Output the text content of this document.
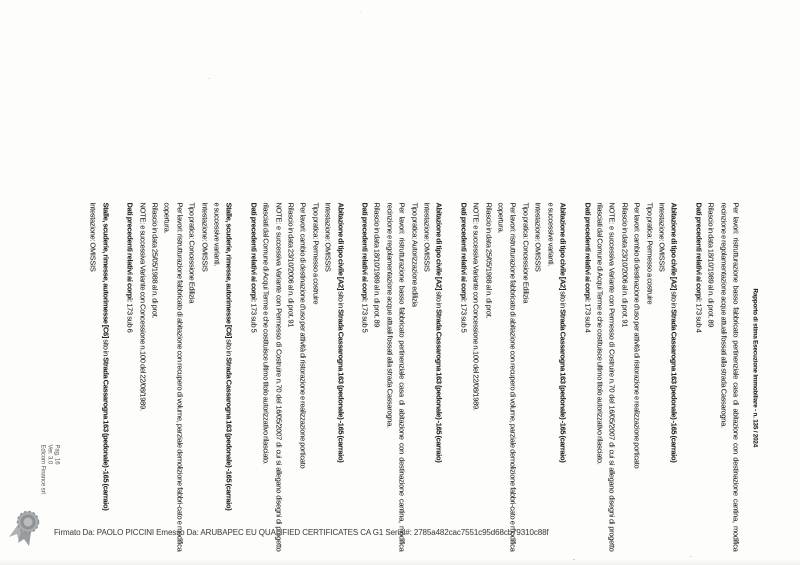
Rapporto di stima Esecuzione Immobiliare - n. 135 / 2024
Per lavori: ristrutturazione basso fabbricato pertinenziale casa di abitazione con destinazione cantina, modifica recinzione e regolamentazione acque attuali fossati alla strada Cassarogna.
Rilascio in data 18/10/1989 al n. di prot. 89
Dati precedenti relativi ai corpi: 173 sub 4
Abitazione di tipo civile [A2] sito in Strada Cassarogna 163 (pedonale) -165 (carraio)
Intestazione: OMISSIS
Tipo pratica: Permesso a costruire
Per lavori: cambio di destinazione d'uso per attività di ristorazione e realizzazione porticato
Rilascio in data 23/10/2006 al n. di prot. 91
NOTE: e successiva Variante con Permesso di Costruire n.70 del 16/05/2007 di cui si allegano disegni di progetto rilasciati dal Comune di Acqui Terme e che costituisce ultimo titolo autorizzativo rilasciato.
Dati precedenti relativi ai corpi: 173 sub 4
Abitazione di tipo civile [A2] sito in Strada Cassarogna 163 (pedonale) -165 (carraio)
e successive varianti.
Intestazione: OMISSIS
Tipo pratica: Concessione Edilizia
Per lavori: ristrutturazione fabbricato di abitazione con recupero di volume, parziale demolizione fabbri-cato e modifica copertura.
Rilascio in data 25/05/1988 al n. di prot.
NOTE: e successiva Variante con Concessione n.100 del 22/08/1989.
Dati precedenti relativi ai corpi: 173 sub 5
Abitazione di tipo civile [A2] sito in Strada Cassarogna 163 (pedonale) -165 (carraio)
Intestazione: OMISSIS
Tipo pratica: Autorizzazione edilizia
Per lavori: ristrutturazione basso fabbricato pertinenziale casa di abitazione con destinazione cantina, modifica recinzione e regolamentazione acque attuali fossati alla strada Cassarogna.
Rilascio in data 18/10/1989 al n. di prot. 89
Dati precedenti relativi ai corpi: 173 sub 5
Abitazione di tipo civile [A2] sito in Strada Cassarogna 163 (pedonale) -165 (carraio)
Intestazione: OMISSIS
Tipo pratica: Permesso a costruire
Per lavori: cambio di destinazione d'uso per attività di ristorazione e realizzazione porticato
Rilascio in data 23/10/2006 al n. di prot. 91
NOTE: e successiva Variante con Permesso di Costruire n.70 del 16/05/2007 di cui si allegano disegni di progetto rilasciati dal Comune di Acqui Terme e che costituisce ultimo titolo autorizzativo rilasciato.
Dati precedenti relativi ai corpi: 173 sub 5
Stalle, scuderie, rimesse, autorimesse [C6] sito in Strada Cassarogna 163 (pedonale) -165 (carraio)
e successive varianti.
Intestazione: OMISSIS
Tipo pratica: Concessione Edilizia
Per lavori: ristrutturazione fabbricato di abitazione con recupero di volume, parziale demolizione fabbri-cato e modifica copertura.
Rilascio in data 25/05/1988 al n. di prot.
NOTE: e successiva Variante con Concessione n.100 del 22/08/1989.
Dati precedenti relativi ai corpi: 173 sub 6
Stalle, scuderie, rimesse, autorimesse [C6] sito in Strada Cassarogna 163 (pedonale) -165 (carraio)
Intestazione: OMISSIS
Pag. 16
Ver. 3.0
Edicom Finance srl
Firmato Da: PAOLO PICCINI Emesso Da: ARUBAPEC EU QUALIFIED CERTIFICATES CA G1 Serial#: 2785a482cac7551c95d68cb79310c88f
